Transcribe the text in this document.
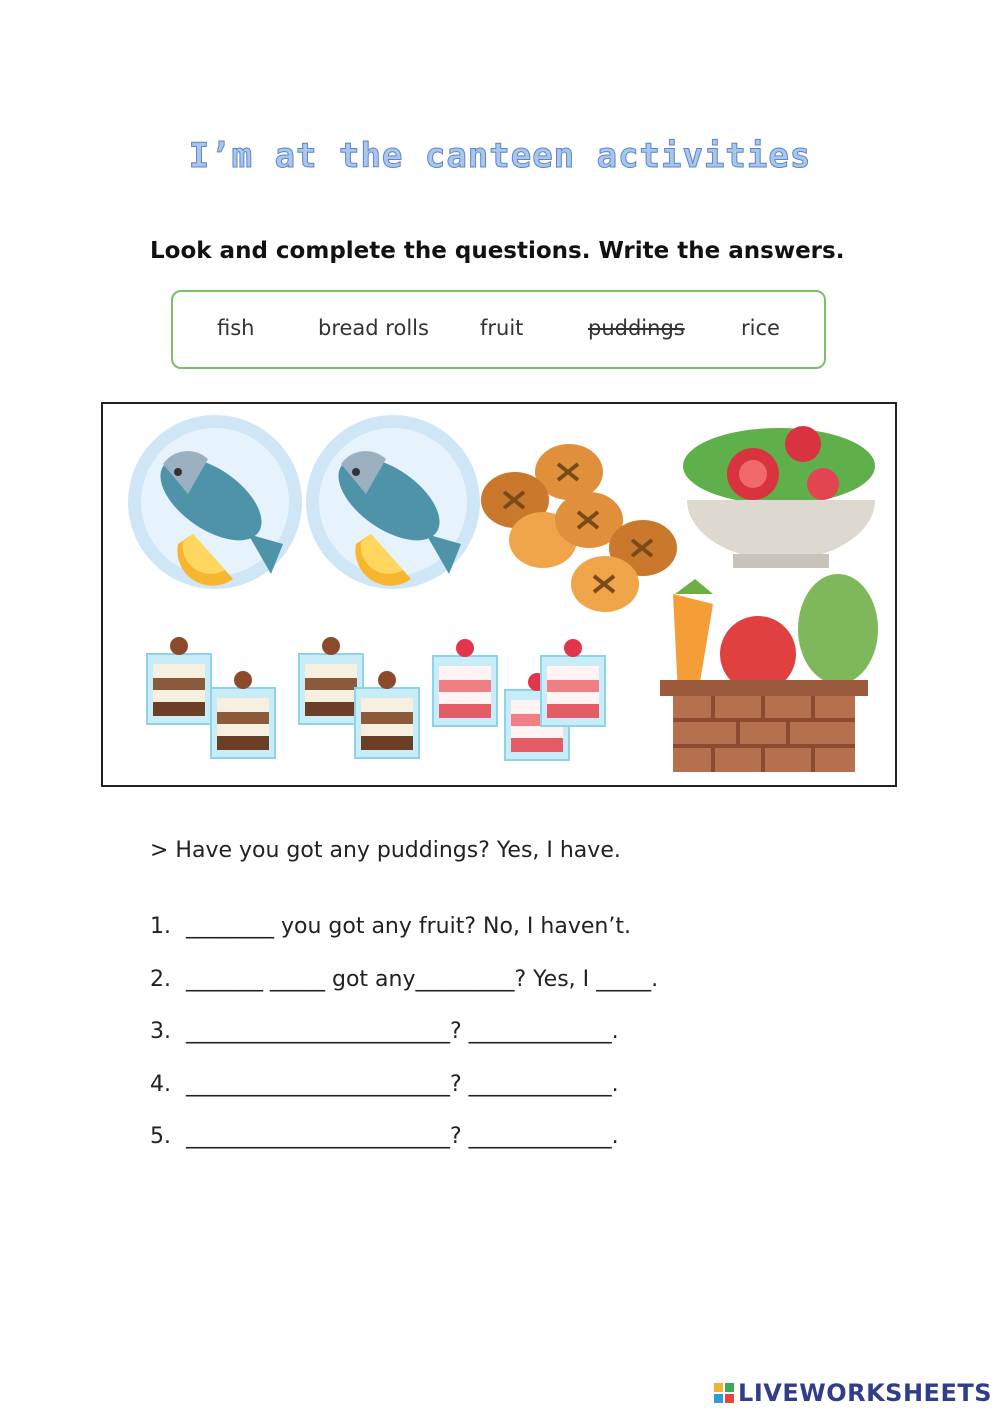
I’m at the canteen activities
Look and complete the questions. Write the answers.
fish	bread rolls fruit	puddings	rice
> Have you got any puddings? Yes, I have.
1. ________ you got any fruit? No, I haven’t.
2. _______ _____ got any_________? Yes, I _____.
3. ________________________? _____________.
4. ________________________? _____________.
5. ________________________? _____________.
LIVEWORKSHEETS
